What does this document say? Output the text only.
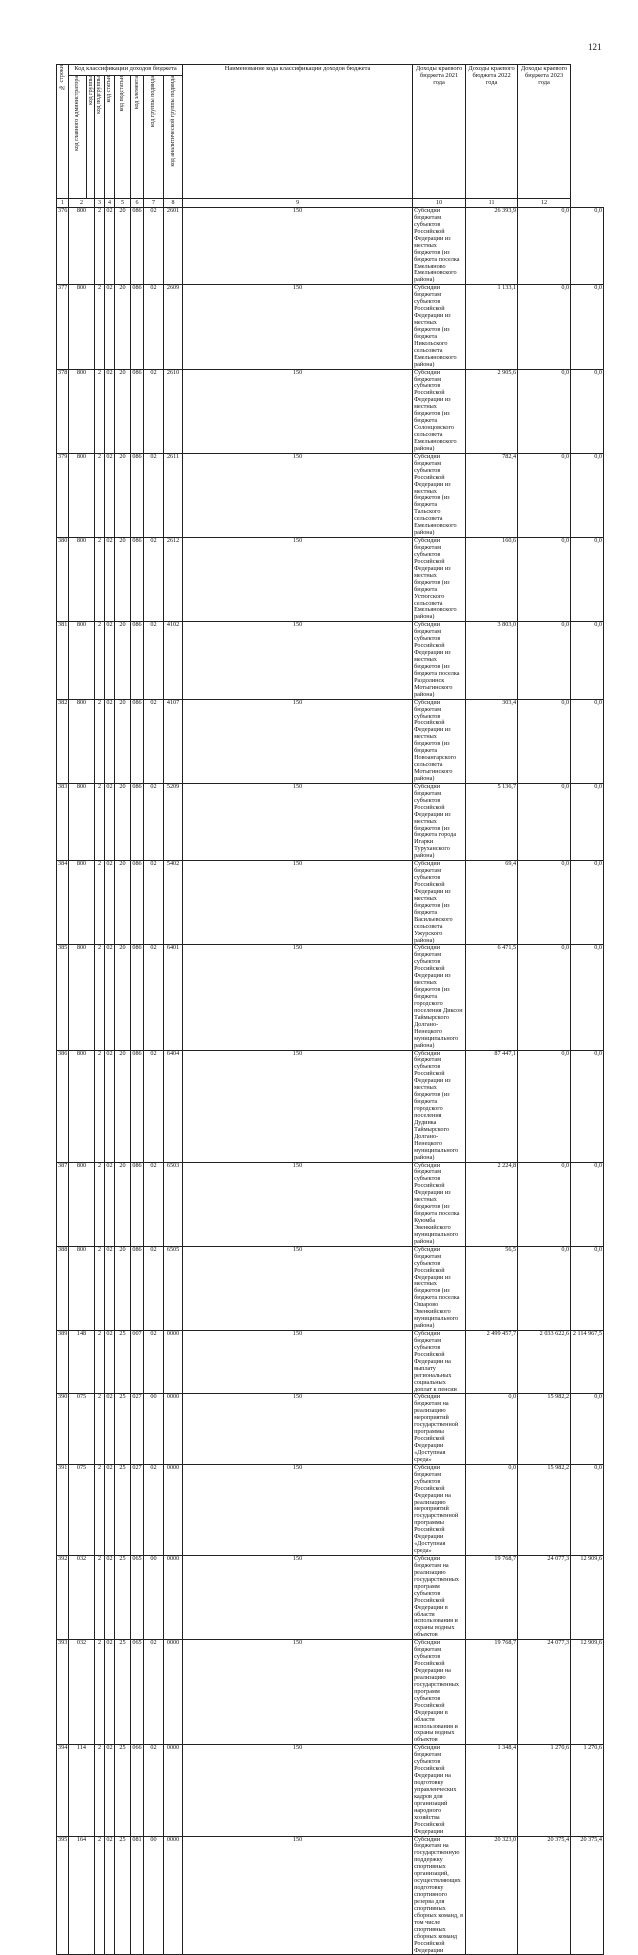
121
№ строки	Код классификации доходов бюджета								Наименование кода классификации доходов бюджета	Доходы краевого бюджета 2021 года	Доходы краевого бюджета 2022 года	Доходы краевого бюджета 2023 года	

	код главного администратора	код группы	код подгруппы	код статьи	код подстатьи	код элемента	код группы подвида	код аналитической группы подвида					

1	2		3	4	5	6	7	8	9	10	11	12	
376	800		2	02	20	086	02	2601	150	Субсидии бюджетам субъектов Российской Федерации из местных бюджетов (из бюджета поселка Емельяново Емельяновского района)	26 393,9	0,0	0,0
377	800		2	02	20	086	02	2609	150	Субсидии бюджетам субъектов Российской Федерации из местных бюджетов (из бюджета Никольского сельсовета Емельяновского района)	1 133,1	0,0	0,0
378	800		2	02	20	086	02	2610	150	Субсидии бюджетам субъектов Российской Федерации из местных бюджетов (из бюджета Солонцовского сельсовета Емельяновского района)	2 905,6	0,0	0,0
379	800		2	02	20	086	02	2611	150	Субсидии бюджетам субъектов Российской Федерации из местных бюджетов (из бюджета Тальского сельсовета Емельяновского района)	782,4	0,0	0,0
380	800		2	02	20	086	02	2612	150	Субсидии бюджетам субъектов Российской Федерации из местных бюджетов (из бюджета Устюгского сельсовета Емельяновского района)	160,6	0,0	0,0
381	800		2	02	20	086	02	4102	150	Субсидии бюджетам субъектов Российской Федерации из местных бюджетов (из бюджета поселка Раздолинск Мотыгинского района)	3 803,0	0,0	0,0
382	800		2	02	20	086	02	4107	150	Субсидии бюджетам субъектов Российской Федерации из местных бюджетов (из бюджета Новоангарского сельсовета Мотыгинского района)	303,4	0,0	0,0
383	800		2	02	20	086	02	5209	150	Субсидии бюджетам субъектов Российской Федерации из местных бюджетов (из бюджета города Игарки Туруханского района)	5 136,7	0,0	0,0
384	800		2	02	20	086	02	5402	150	Субсидии бюджетам субъектов Российской Федерации из местных бюджетов (из бюджета Васильевского сельсовета Ужурского района)	69,4	0,0	0,0
385	800		2	02	20	086	02	6401	150	Субсидии бюджетам субъектов Российской Федерации из местных бюджетов (из бюджета городского поселения Диксон Таймырского Долгано-Ненецкого муниципального района)	6 471,5	0,0	0,0
386	800		2	02	20	086	02	6404	150	Субсидии бюджетам субъектов Российской Федерации из местных бюджетов (из бюджета городского поселения Дудинка Таймырского Долгано-Ненецкого муниципального района)	87 447,1	0,0	0,0
387	800		2	02	20	086	02	6503	150	Субсидии бюджетам субъектов Российской Федерации из местных бюджетов (из бюджета поселка Куюмба Эвенкийского муниципального района)	2 224,8	0,0	0,0
388	800		2	02	20	086	02	6505	150	Субсидии бюджетам субъектов Российской Федерации из местных бюджетов (из бюджета поселка Ошарово Эвенкийского муниципального района)	56,5	0,0	0,0
389	148		2	02	25	007	02	0000	150	Субсидии бюджетам субъектов Российской Федерации на выплату региональных социальных доплат к пенсии	2 499 457,7	2 033 622,6	2 114 967,5
390	075		2	02	25	027	00	0000	150	Субсидии бюджетам на реализацию мероприятий государственной программы Российской Федерации «Доступная среда»	0,0	15 982,2	0,0
391	075		2	02	25	027	02	0000	150	Субсидии бюджетам субъектов Российской Федерации на реализацию мероприятий государственной программы Российской Федерации «Доступная среда»	0,0	15 982,2	0,0
392	032		2	02	25	065	00	0000	150	Субсидии бюджетам на реализацию государственных программ субъектов Российской Федерации в области использования и охраны водных объектов	19 768,7	24 077,3	12 909,6
393	032		2	02	25	065	02	0000	150	Субсидии бюджетам субъектов Российской Федерации на реализацию государственных программ субъектов Российской Федерации в области использования и охраны водных объектов	19 768,7	24 077,3	12 909,6
394	114		2	02	25	066	02	0000	150	Субсидии бюджетам субъектов Российской Федерации на подготовку управленческих кадров для организаций народного хозяйства Российской Федерации	1 348,4	1 270,6	1 270,6
395	164		2	02	25	081	00	0000	150	Субсидии бюджетам на государственную поддержку спортивных организаций, осуществляющих подготовку спортивного резерва для спортивных сборных команд, в том числе спортивных сборных команд Российской Федерации	20 323,0	20 375,4	20 375,4
